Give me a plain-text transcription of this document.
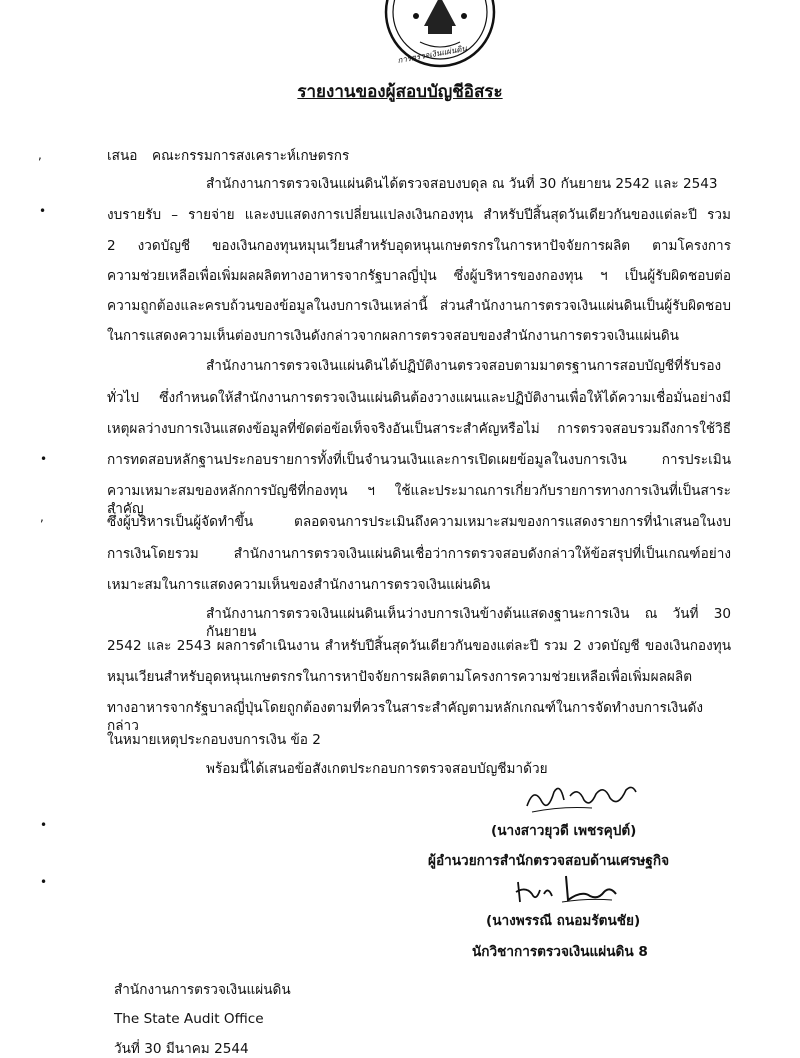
การตรวจเงินแผ่นดิน
รายงานของผู้สอบบัญชีอิสระ
เสนอ คณะกรรมการสงเคราะห์เกษตรกร
สำนักงานการตรวจเงินแผ่นดินได้ตรวจสอบงบดุล ณ วันที่ 30 กันยายน 2542 และ 2543
งบรายรับ – รายจ่าย และงบแสดงการเปลี่ยนแปลงเงินกองทุน สำหรับปีสิ้นสุดวันเดียวกันของแต่ละปี รวม
2 งวดบัญชี ของเงินกองทุนหมุนเวียนสำหรับอุดหนุนเกษตรกรในการหาปัจจัยการผลิต ตามโครงการ
ความช่วยเหลือเพื่อเพิ่มผลผลิตทางอาหารจากรัฐบาลญี่ปุ่น ซึ่งผู้บริหารของกองทุน ฯ เป็นผู้รับผิดชอบต่อ
ความถูกต้องและครบถ้วนของข้อมูลในงบการเงินเหล่านี้ ส่วนสำนักงานการตรวจเงินแผ่นดินเป็นผู้รับผิดชอบ
ในการแสดงความเห็นต่องบการเงินดังกล่าวจากผลการตรวจสอบของสำนักงานการตรวจเงินแผ่นดิน
สำนักงานการตรวจเงินแผ่นดินได้ปฏิบัติงานตรวจสอบตามมาตรฐานการสอบบัญชีที่รับรอง
ทั่วไป ซึ่งกำหนดให้สำนักงานการตรวจเงินแผ่นดินต้องวางแผนและปฏิบัติงานเพื่อให้ได้ความเชื่อมั่นอย่างมี
เหตุผลว่างบการเงินแสดงข้อมูลที่ขัดต่อข้อเท็จจริงอันเป็นสาระสำคัญหรือไม่ การตรวจสอบรวมถึงการใช้วิธี
การทดสอบหลักฐานประกอบรายการทั้งที่เป็นจำนวนเงินและการเปิดเผยข้อมูลในงบการเงิน การประเมิน
ความเหมาะสมของหลักการบัญชีที่กองทุน ฯ ใช้และประมาณการเกี่ยวกับรายการทางการเงินที่เป็นสาระสำคัญ
ซึ่งผู้บริหารเป็นผู้จัดทำขึ้น ตลอดจนการประเมินถึงความเหมาะสมของการแสดงรายการที่นำเสนอในงบ
การเงินโดยรวม สำนักงานการตรวจเงินแผ่นดินเชื่อว่าการตรวจสอบดังกล่าวให้ข้อสรุปที่เป็นเกณฑ์อย่าง
เหมาะสมในการแสดงความเห็นของสำนักงานการตรวจเงินแผ่นดิน
สำนักงานการตรวจเงินแผ่นดินเห็นว่างบการเงินข้างต้นแสดงฐานะการเงิน ณ วันที่ 30 กันยายน
2542 และ 2543 ผลการดำเนินงาน สำหรับปีสิ้นสุดวันเดียวกันของแต่ละปี รวม 2 งวดบัญชี ของเงินกองทุน
หมุนเวียนสำหรับอุดหนุนเกษตรกรในการหาปัจจัยการผลิตตามโครงการความช่วยเหลือเพื่อเพิ่มผลผลิต
ทางอาหารจากรัฐบาลญี่ปุ่นโดยถูกต้องตามที่ควรในสาระสำคัญตามหลักเกณฑ์ในการจัดทำงบการเงินดังกล่าว
ในหมายเหตุประกอบงบการเงิน ข้อ 2
พร้อมนี้ได้เสนอข้อสังเกตประกอบการตรวจสอบบัญชีมาด้วย
(นางสาวยุวดี เพชรคุปต์)
ผู้อำนวยการสำนักตรวจสอบด้านเศรษฐกิจ
(นางพรรณี ถนอมรัตนชัย)
นักวิชาการตรวจเงินแผ่นดิน 8
สำนักงานการตรวจเงินแผ่นดิน
The State Audit Office
วันที่ 30 มีนาคม 2544
,
•
•
,
•
•
